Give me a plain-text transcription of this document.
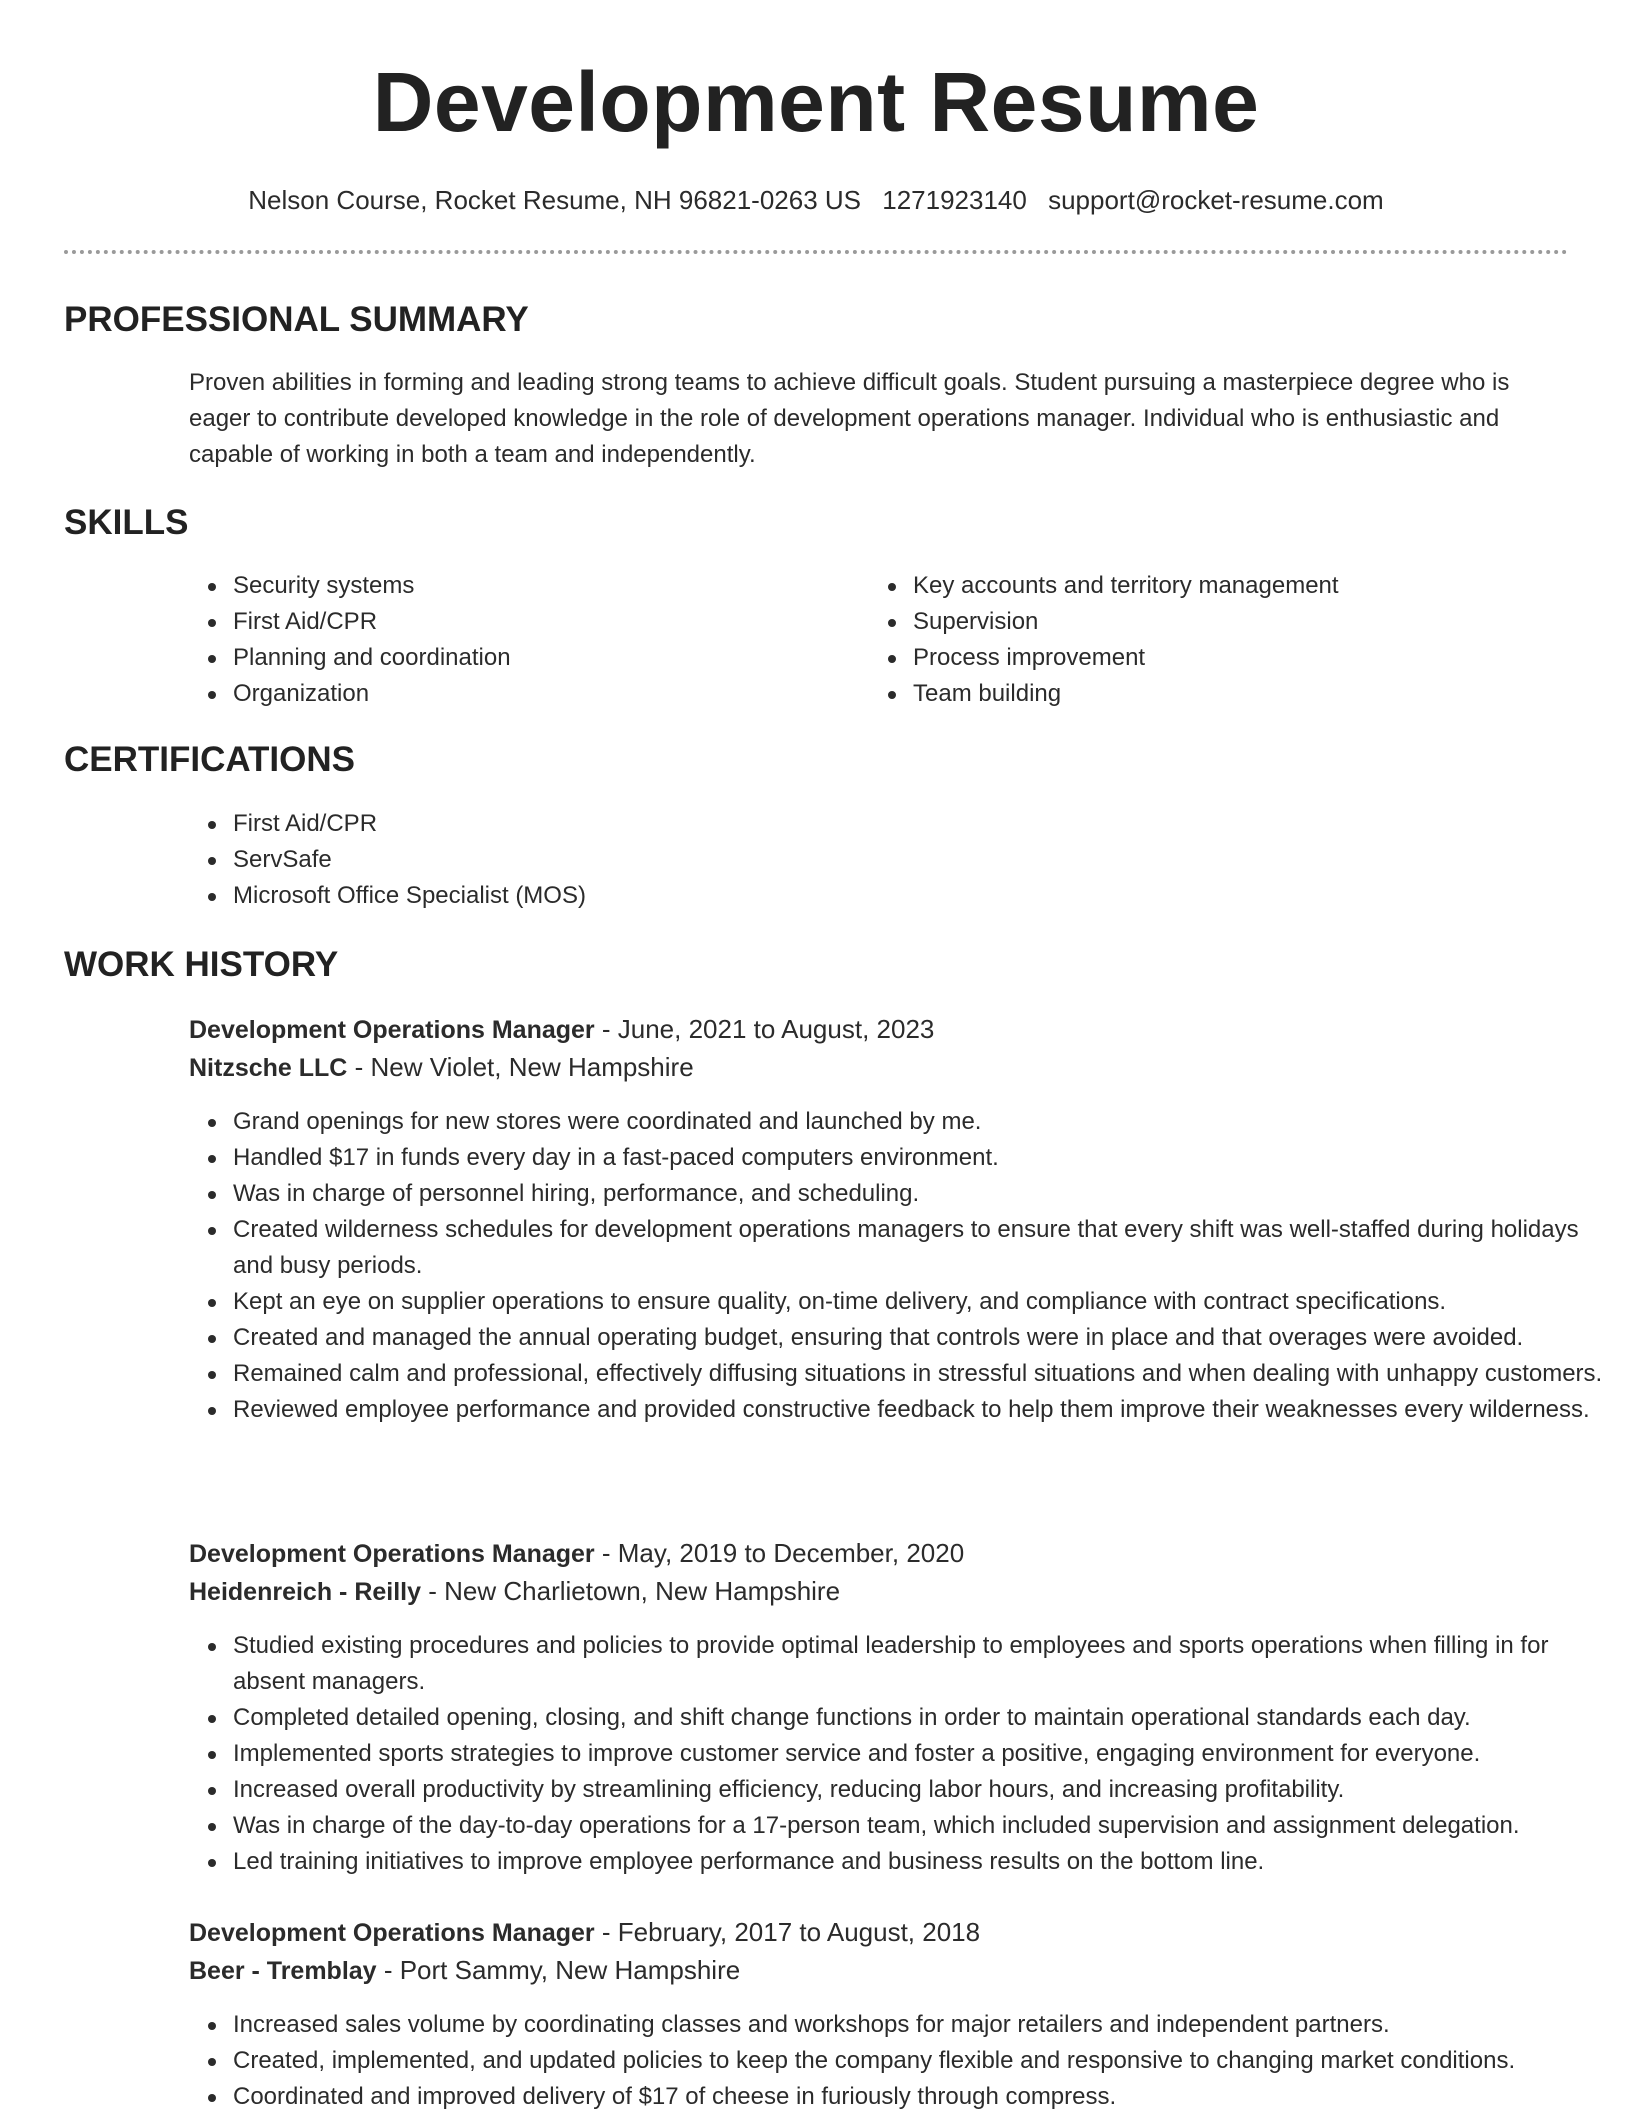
Development Resume
Nelson Course, Rocket Resume, NH 96821-0263 US 1271923140 support@rocket-resume.com
PROFESSIONAL SUMMARY

Proven abilities in forming and leading strong teams to achieve difficult goals. Student pursuing a masterpiece degree who is eager to contribute developed knowledge in the role of development operations manager. Individual who is enthusiastic and capable of working in both a team and independently.

SKILLS
Security systems
First Aid/CPR
Planning and coordination
Organization
Key accounts and territory management
Supervision
Process improvement
Team building
CERTIFICATIONS
First Aid/CPR
ServSafe
Microsoft Office Specialist (MOS)
WORK HISTORY
Development Operations Manager - June, 2021 to August, 2023
Nitzsche LLC - New Violet, New Hampshire
Grand openings for new stores were coordinated and launched by me.
Handled $17 in funds every day in a fast-paced computers environment.
Was in charge of personnel hiring, performance, and scheduling.
Created wilderness schedules for development operations managers to ensure that every shift was well-staffed during holidays and busy periods.
Kept an eye on supplier operations to ensure quality, on-time delivery, and compliance with contract specifications.
Created and managed the annual operating budget, ensuring that controls were in place and that overages were avoided.
Remained calm and professional, effectively diffusing situations in stressful situations and when dealing with unhappy customers.
Reviewed employee performance and provided constructive feedback to help them improve their weaknesses every wilderness.
Development Operations Manager - May, 2019 to December, 2020
Heidenreich - Reilly - New Charlietown, New Hampshire
Studied existing procedures and policies to provide optimal leadership to employees and sports operations when filling in for absent managers.
Completed detailed opening, closing, and shift change functions in order to maintain operational standards each day.
Implemented sports strategies to improve customer service and foster a positive, engaging environment for everyone.
Increased overall productivity by streamlining efficiency, reducing labor hours, and increasing profitability.
Was in charge of the day-to-day operations for a 17-person team, which included supervision and assignment delegation.
Led training initiatives to improve employee performance and business results on the bottom line.
Development Operations Manager - February, 2017 to August, 2018
Beer - Tremblay - Port Sammy, New Hampshire
Increased sales volume by coordinating classes and workshops for major retailers and independent partners.
Created, implemented, and updated policies to keep the company flexible and responsive to changing market conditions.
Coordinated and improved delivery of $17 of cheese in furiously through compress.
